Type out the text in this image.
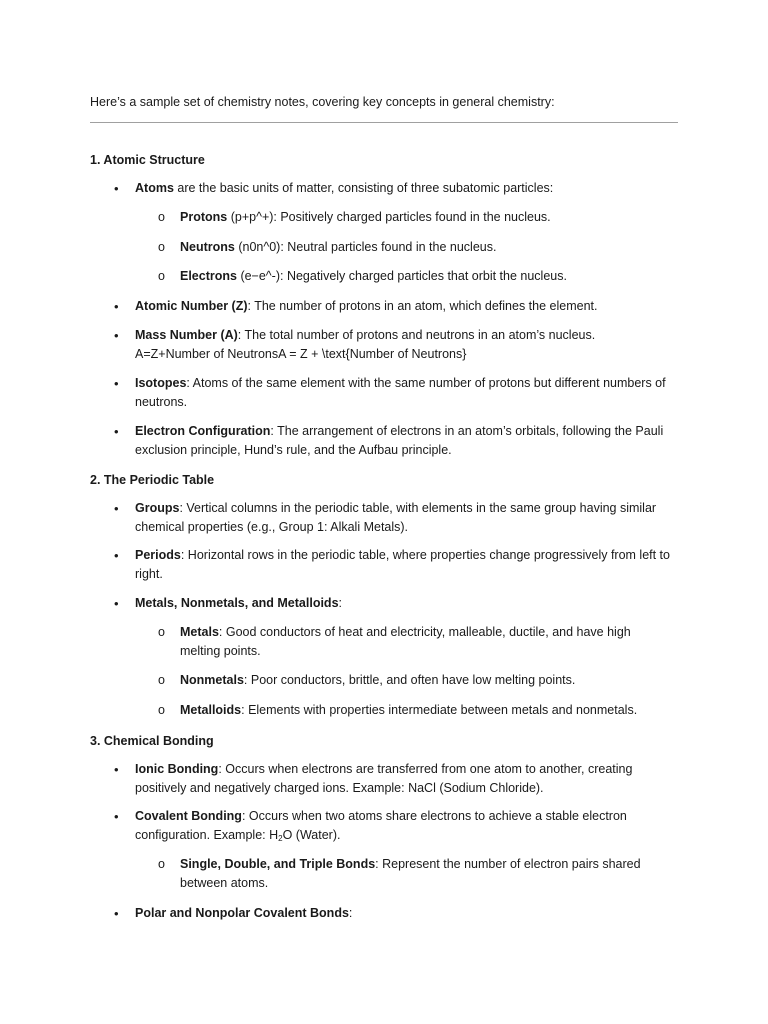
Here’s a sample set of chemistry notes, covering key concepts in general chemistry:
1. Atomic Structure
• Atoms are the basic units of matter, consisting of three subatomic particles:
o Protons (p+p^+): Positively charged particles found in the nucleus.
o Neutrons (n0n^0): Neutral particles found in the nucleus.
o Electrons (e−e^-): Negatively charged particles that orbit the nucleus.
• Atomic Number (Z): The number of protons in an atom, which defines the element.
• Mass Number (A): The total number of protons and neutrons in an atom’s nucleus.
A=Z+Number of NeutronsA = Z + \text{Number of Neutrons}
• Isotopes: Atoms of the same element with the same number of protons but different numbers of neutrons.
• Electron Configuration: The arrangement of electrons in an atom’s orbitals, following the Pauli exclusion principle, Hund’s rule, and the Aufbau principle.
2. The Periodic Table
• Groups: Vertical columns in the periodic table, with elements in the same group having similar chemical properties (e.g., Group 1: Alkali Metals).
• Periods: Horizontal rows in the periodic table, where properties change progressively from left to right.
• Metals, Nonmetals, and Metalloids:
o Metals: Good conductors of heat and electricity, malleable, ductile, and have high melting points.
o Nonmetals: Poor conductors, brittle, and often have low melting points.
o Metalloids: Elements with properties intermediate between metals and nonmetals.
3. Chemical Bonding
• Ionic Bonding: Occurs when electrons are transferred from one atom to another, creating positively and negatively charged ions. Example: NaCl (Sodium Chloride).
• Covalent Bonding: Occurs when two atoms share electrons to achieve a stable electron configuration. Example: $H_2O$ (Water).
o Single, Double, and Triple Bonds: Represent the number of electron pairs shared between atoms.
• Polar and Nonpolar Covalent Bonds:
